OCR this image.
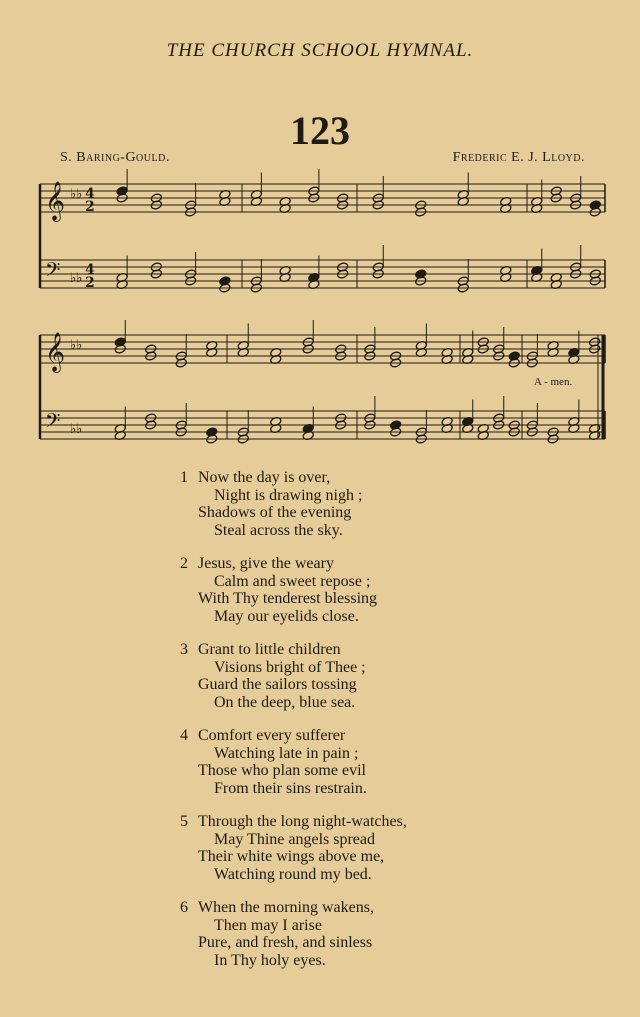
THE CHURCH SCHOOL HYMNAL.
123
S. Baring-Gould.	Frederic E. J. Lloyd.
𝄞
𝄢
♭♭
♭♭
4
4
2
2
𝄞
𝄢
♭♭
♭♭
A - men.
1 Now the day is over,
Night is drawing nigh ;
Shadows of the evening
Steal across the sky.
2 Jesus, give the weary
Calm and sweet repose ;
With Thy tenderest blessing
May our eyelids close.
3 Grant to little children
Visions bright of Thee ;
Guard the sailors tossing
On the deep, blue sea.
4 Comfort every sufferer
Watching late in pain ;
Those who plan some evil
From their sins restrain.
5 Through the long night-watches,
May Thine angels spread
Their white wings above me,
Watching round my bed.
6 When the morning wakens,
Then may I arise
Pure, and fresh, and sinless
In Thy holy eyes.
